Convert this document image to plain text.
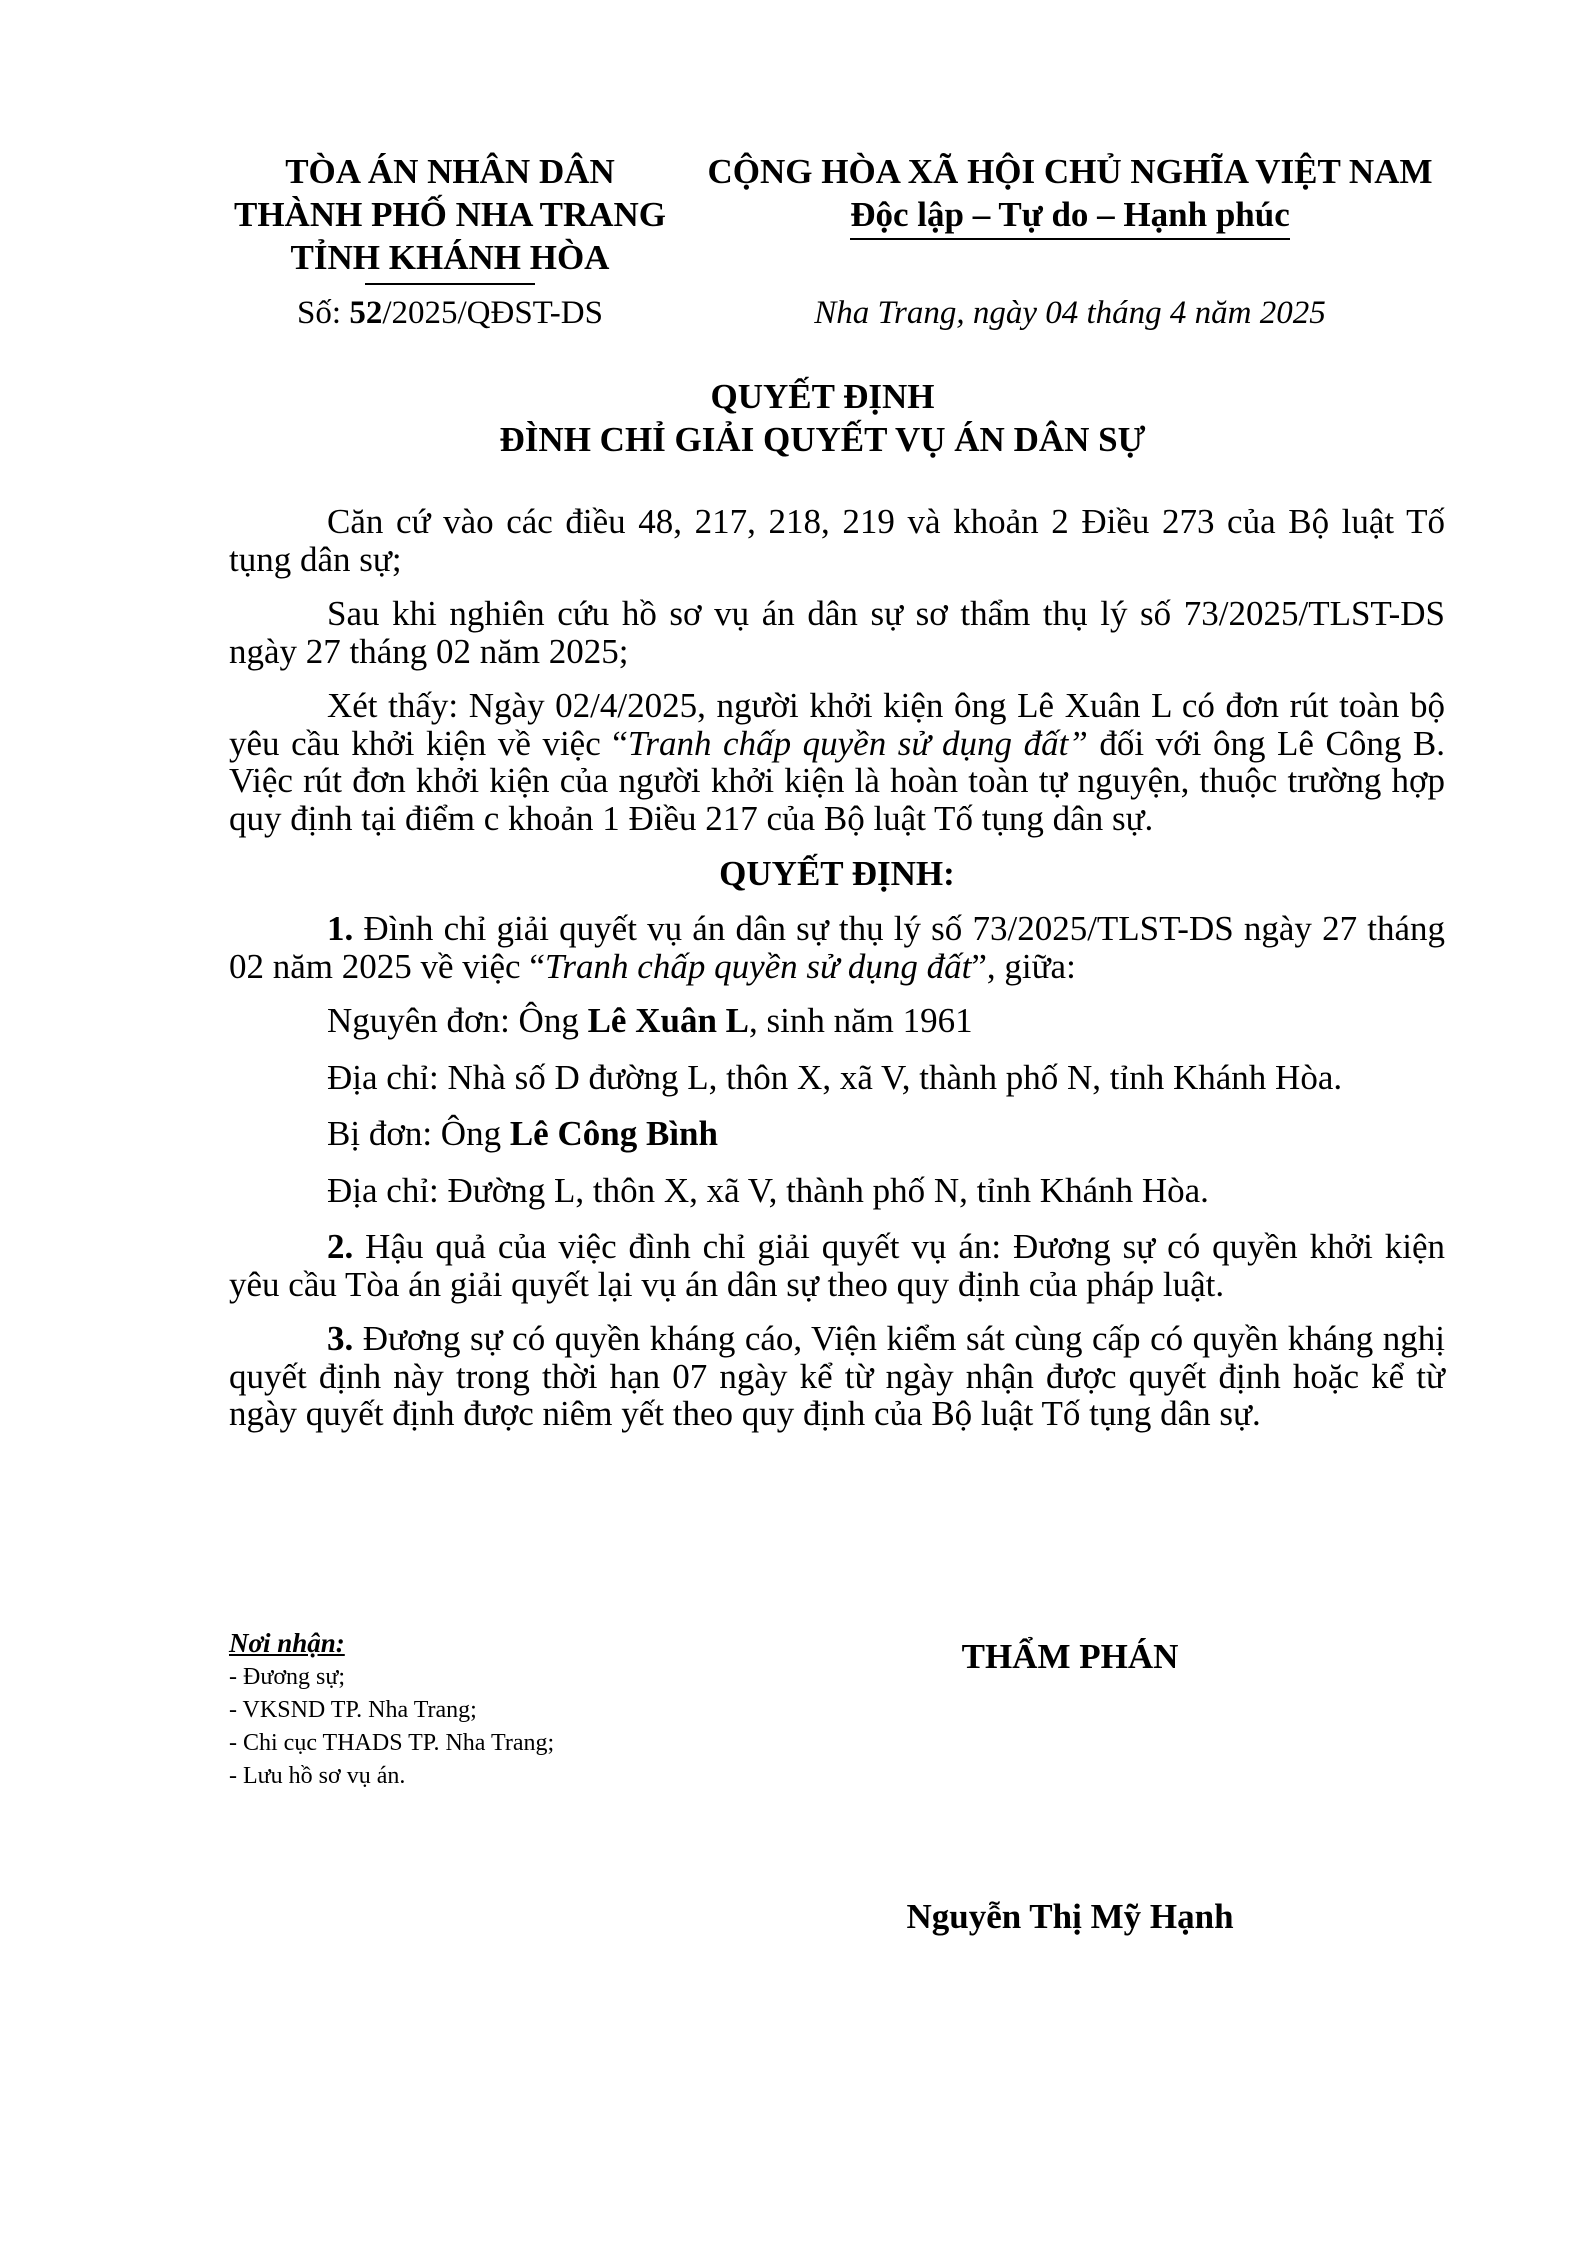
TÒA ÁN NHÂN DÂN
THÀNH PHỐ NHA TRANG
TỈNH KHÁNH HÒA
CỘNG HÒA XÃ HỘI CHỦ NGHĨA VIỆT NAM
Độc lập – Tự do – Hạnh phúc
Số: 52/2025/QĐST-DS	Nha Trang, ngày 04 tháng 4 năm 2025
QUYẾT ĐỊNH
ĐÌNH CHỈ GIẢI QUYẾT VỤ ÁN DÂN SỰ

Căn cứ vào các điều 48, 217, 218, 219 và khoản 2 Điều 273 của Bộ luật Tố tụng dân sự;

Sau khi nghiên cứu hồ sơ vụ án dân sự sơ thẩm thụ lý số 73/2025/TLST-DS ngày 27 tháng 02 năm 2025;

Xét thấy: Ngày 02/4/2025, người khởi kiện ông Lê Xuân L có đơn rút toàn bộ yêu cầu khởi kiện về việc “Tranh chấp quyền sử dụng đất” đối với ông Lê Công B. Việc rút đơn khởi kiện của người khởi kiện là hoàn toàn tự nguyện, thuộc trường hợp quy định tại điểm c khoản 1 Điều 217 của Bộ luật Tố tụng dân sự.

QUYẾT ĐỊNH:

1. Đình chỉ giải quyết vụ án dân sự thụ lý số 73/2025/TLST-DS ngày 27 tháng 02 năm 2025 về việc “Tranh chấp quyền sử dụng đất”, giữa:

Nguyên đơn: Ông Lê Xuân L, sinh năm 1961

Địa chỉ: Nhà số D đường L, thôn X, xã V, thành phố N, tỉnh Khánh Hòa.

Bị đơn: Ông Lê Công Bình

Địa chỉ: Đường L, thôn X, xã V, thành phố N, tỉnh Khánh Hòa.

2. Hậu quả của việc đình chỉ giải quyết vụ án: Đương sự có quyền khởi kiện yêu cầu Tòa án giải quyết lại vụ án dân sự theo quy định của pháp luật.

3. Đương sự có quyền kháng cáo, Viện kiểm sát cùng cấp có quyền kháng nghị quyết định này trong thời hạn 07 ngày kể từ ngày nhận được quyết định hoặc kể từ ngày quyết định được niêm yết theo quy định của Bộ luật Tố tụng dân sự.

Nơi nhận:
- Đương sự;
- VKSND TP. Nha Trang;
- Chi cục THADS TP. Nha Trang;
- Lưu hồ sơ vụ án.
THẨM PHÁN
Nguyễn Thị Mỹ Hạnh
